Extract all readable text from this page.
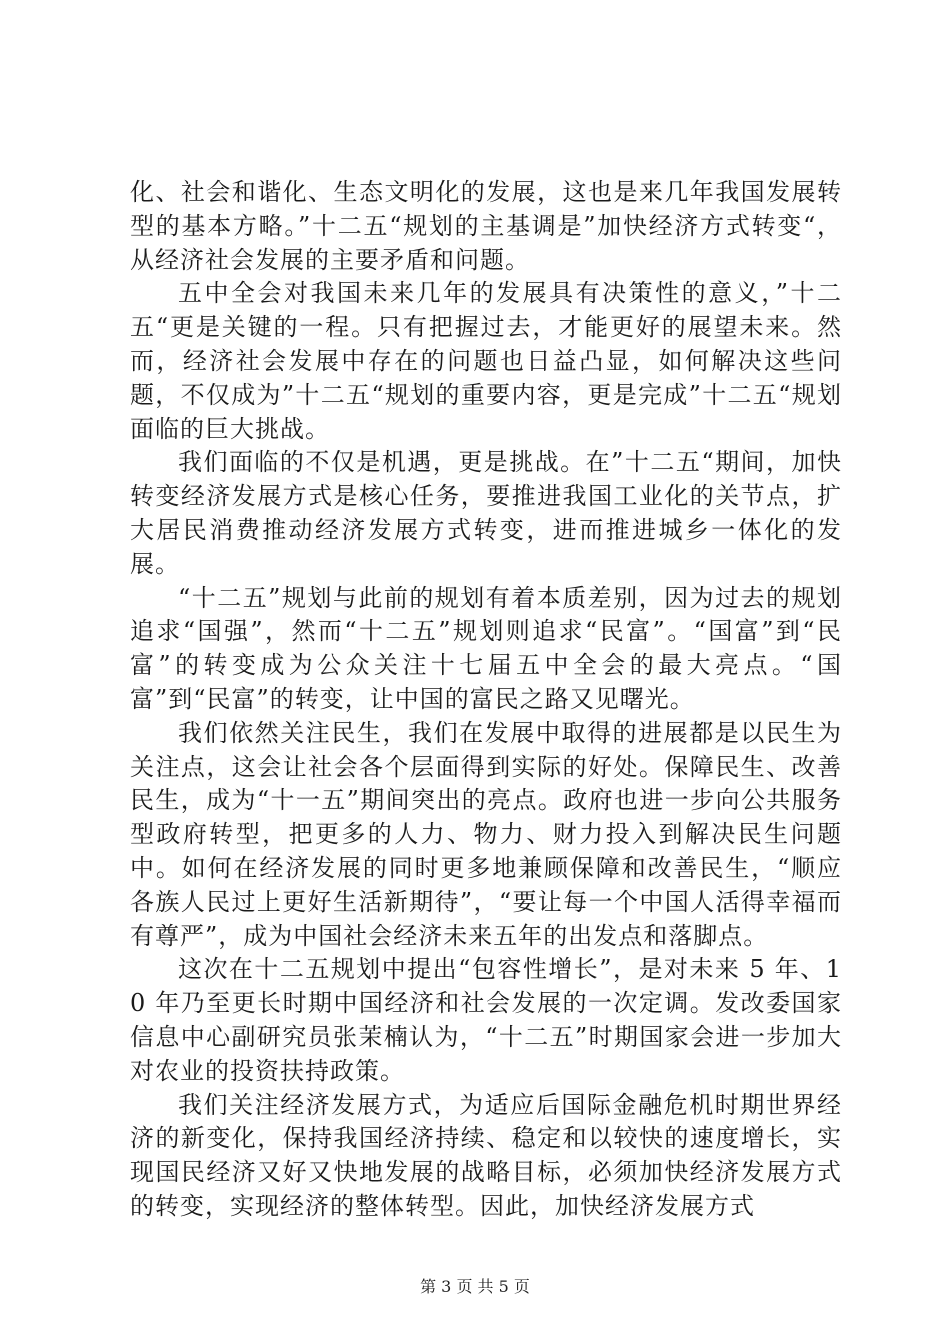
化、社会和谐化、生态文明化的发展，这也是来几年我国发展转型的基本方略。”十二五“规划的主基调是”加快经济方式转变“，从经济社会发展的主要矛盾和问题。

五中全会对我国未来几年的发展具有决策性的意义，”十二五“更是关键的一程。只有把握过去，才能更好的展望未来。然而，经济社会发展中存在的问题也日益凸显，如何解决这些问题，不仅成为”十二五“规划的重要内容，更是完成”十二五“规划面临的巨大挑战。

我们面临的不仅是机遇，更是挑战。在”十二五“期间，加快转变经济发展方式是核心任务，要推进我国工业化的关节点，扩大居民消费推动经济发展方式转变，进而推进城乡一体化的发展。

“十二五”规划与此前的规划有着本质差别，因为过去的规划追求“国强”，然而“十二五”规划则追求“民富”。“国富”到“民富”的转变成为公众关注十七届五中全会的最大亮点。“国富”到“民富”的转变，让中国的富民之路又见曙光。

我们依然关注民生，我们在发展中取得的进展都是以民生为关注点，这会让社会各个层面得到实际的好处。保障民生、改善民生，成为“十一五”期间突出的亮点。政府也进一步向公共服务型政府转型，把更多的人力、物力、财力投入到解决民生问题中。如何在经济发展的同时更多地兼顾保障和改善民生，“顺应各族人民过上更好生活新期待”，“要让每一个中国人活得幸福而有尊严”，成为中国社会经济未来五年的出发点和落脚点。

这次在十二五规划中提出“包容性增长”，是对未来 5 年、10 年乃至更长时期中国经济和社会发展的一次定调。发改委国家信息中心副研究员张茉楠认为，“十二五”时期国家会进一步加大对农业的投资扶持政策。

我们关注经济发展方式，为适应后国际金融危机时期世界经济的新变化，保持我国经济持续、稳定和以较快的速度增长，实现国民经济又好又快地发展的战略目标，必须加快经济发展方式的转变，实现经济的整体转型。因此，加快经济发展方式

第 3 页 共 5 页
